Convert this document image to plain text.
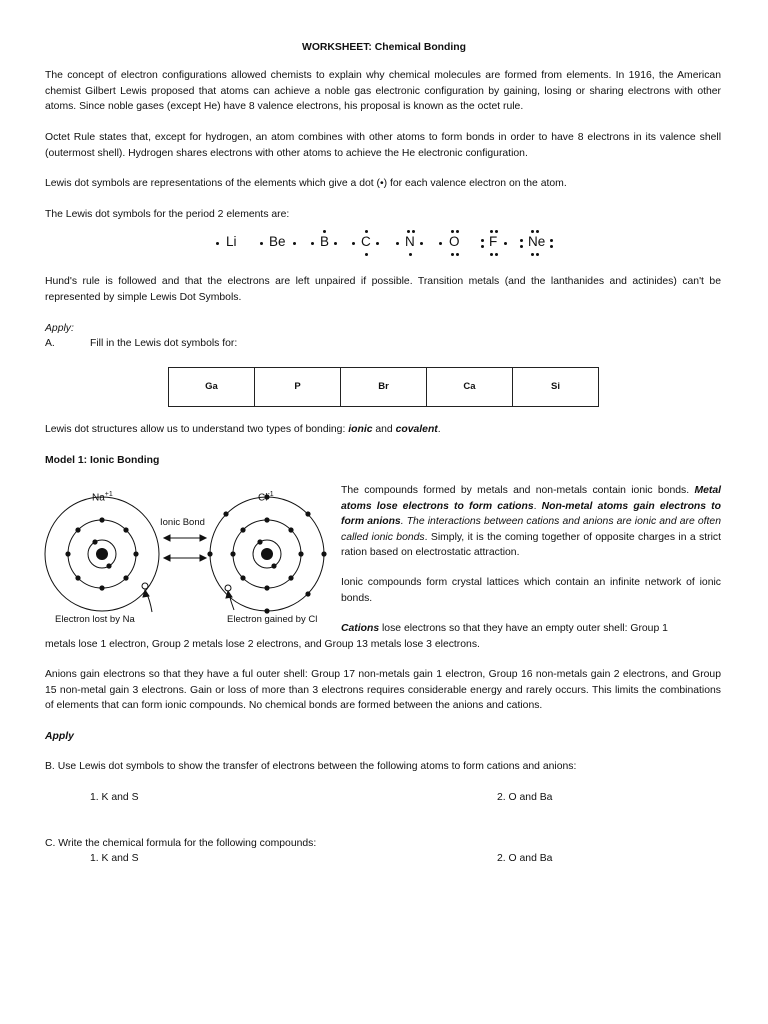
WORKSHEET: Chemical Bonding

The concept of electron configurations allowed chemists to explain why chemical molecules are formed from elements. In 1916, the American chemist Gilbert Lewis proposed that atoms can achieve a noble gas electronic configuration by gaining, losing or sharing electrons with other atoms. Since noble gases (except He) have 8 valence electrons, his proposal is known as the octet rule.

Octet Rule states that, except for hydrogen, an atom combines with other atoms to form bonds in order to have 8 electrons in its valence shell (outermost shell). Hydrogen shares electrons with other atoms to achieve the He electronic configuration.

Lewis dot symbols are representations of the elements which give a dot (•) for each valence electron on the atom.

The Lewis dot symbols for the period 2 elements are:

Li Be	B C	N	O F Ne

Hund's rule is followed and that the electrons are left unpaired if possible. Transition metals (and the lanthanides and actinides) can't be represented by simple Lewis Dot Symbols.

Apply:
A.	Fill in the Lewis dot symbols for:
Ga	P	Br	Ca	Si
Lewis dot structures allow us to understand two types of bonding: ionic and covalent.
Model 1: Ionic Bonding
$Na^{+1}$	$Cl^{-1}$
Ionic Bond
Electron lost by Na	Electron gained by Cl

The compounds formed by metals and non-metals contain ionic bonds. Metal atoms lose electrons to form cations. Non-metal atoms gain electrons to form anions. The interactions between cations and anions are ionic and are often called ionic bonds. Simply, it is the coming together of opposite charges in a strict ration based on electrostatic attraction.

Ionic compounds form crystal lattices which contain an infinite network of ionic bonds.

Cations lose electrons so that they have an empty outer shell: Group 1
metals lose 1 electron, Group 2 metals lose 2 electrons, and Group 13 metals lose 3 electrons.

Anions gain electrons so that they have a ful outer shell: Group 17 non-metals gain 1 electron, Group 16 non-metals gain 2 electrons, and Group 15 non-metal gain 3 electrons. Gain or loss of more than 3 electrons requires considerable energy and rarely occurs. This limits the combinations of elements that can form ionic compounds. No chemical bonds are formed between the anions and cations.

Apply
B. Use Lewis dot symbols to show the transfer of electrons between the following atoms to form cations and anions:
1. K and S	2. O and Ba
C. Write the chemical formula for the following compounds:
1. K and S	2. O and Ba
